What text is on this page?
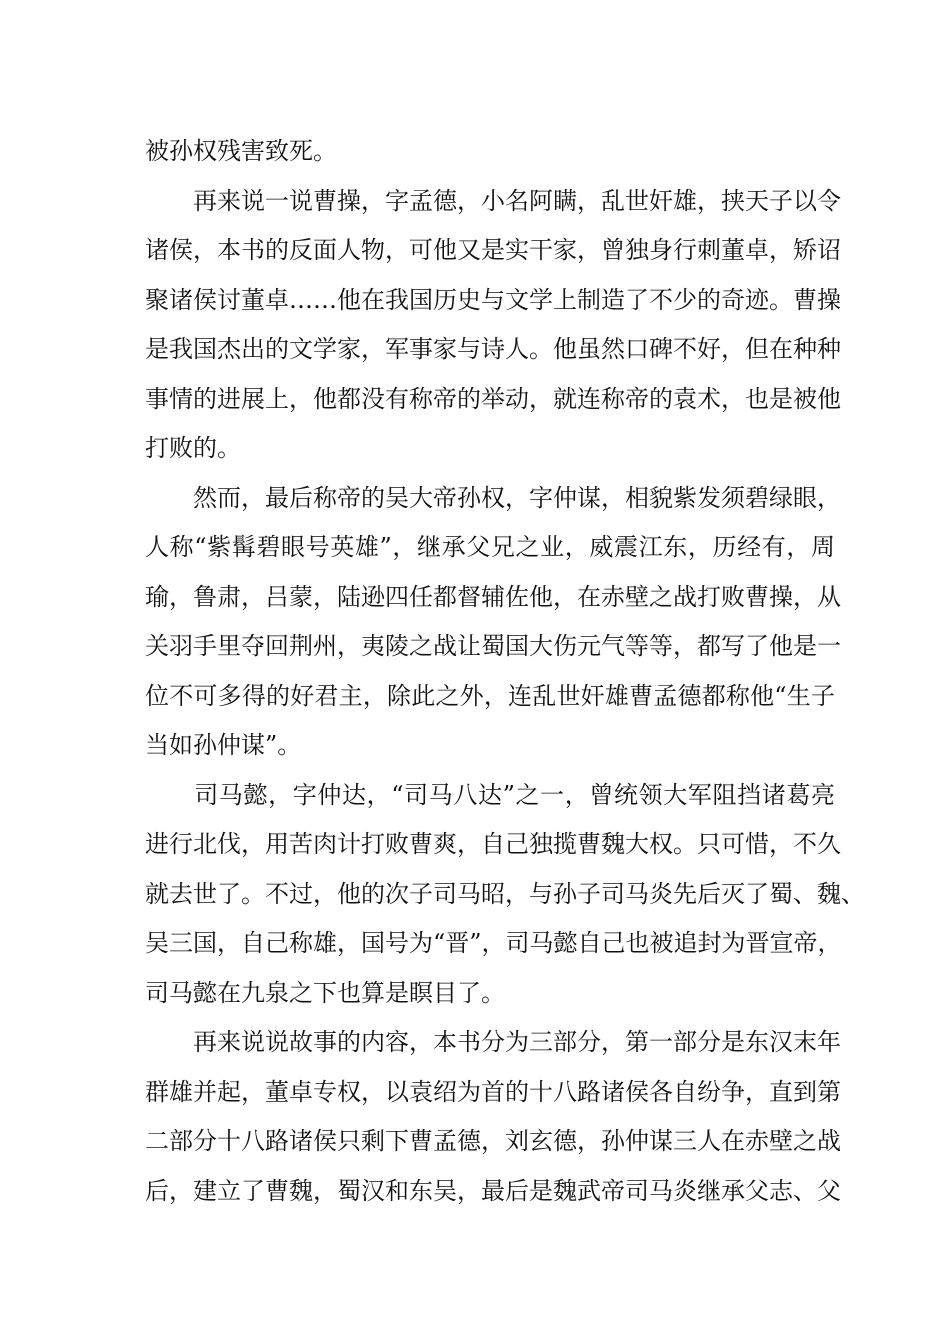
被孙权残害致死。
　　再来说一说曹操，字孟德，小名阿瞒，乱世奸雄，挟天子以令
诸侯，本书的反面人物，可他又是实干家，曾独身行刺董卓，矫诏
聚诸侯讨董卓……他在我国历史与文学上制造了不少的奇迹。曹操
是我国杰出的文学家，军事家与诗人。他虽然口碑不好，但在种种
事情的进展上，他都没有称帝的举动，就连称帝的袁术，也是被他
打败的。
　　然而，最后称帝的吴大帝孙权，字仲谋，相貌紫发须碧绿眼，
人称“紫髯碧眼号英雄”，继承父兄之业，威震江东，历经有，周
瑜，鲁肃，吕蒙，陆逊四任都督辅佐他，在赤壁之战打败曹操，从
关羽手里夺回荆州，夷陵之战让蜀国大伤元气等等，都写了他是一
位不可多得的好君主，除此之外，连乱世奸雄曹孟德都称他“生子
当如孙仲谋”。
　　司马懿，字仲达，“司马八达”之一，曾统领大军阻挡诸葛亮
进行北伐，用苦肉计打败曹爽，自己独揽曹魏大权。只可惜，不久
就去世了。不过，他的次子司马昭，与孙子司马炎先后灭了蜀、魏、
吴三国，自己称雄，国号为“晋”，司马懿自己也被追封为晋宣帝，
司马懿在九泉之下也算是瞑目了。
　　再来说说故事的内容，本书分为三部分，第一部分是东汉末年
群雄并起，董卓专权，以袁绍为首的十八路诸侯各自纷争，直到第
二部分十八路诸侯只剩下曹孟德，刘玄德，孙仲谋三人在赤壁之战
后，建立了曹魏，蜀汉和东吴，最后是魏武帝司马炎继承父志、父
